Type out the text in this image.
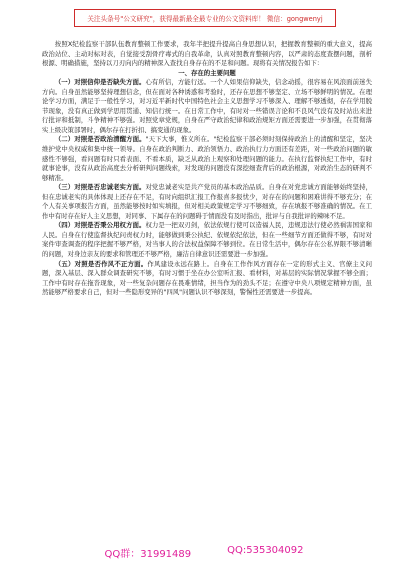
关注头条号"公文研究"，获得最新最全最专业的公文资料库！ 微信：gongwenyj

按照X纪检监察干部队伍教育整顿工作要求，我年半把提升提高自身思想认识，把握教育整顿的重大意义，提高政治站位、主动对标对表，自觉接受刮骨疗毒式的自我革命，认真对照教育整顿内容，以严肃的态度查摆问题，剖析根源、明确措施，坚持以刀刃向内的精神深入查找自身存在的不足和问题。现将有关情况报告如下：

一、存在的主要问题

（一）对照信仰是否缺失方面。心有所信，方能行远。一个人如果信仰缺失，信念动摇，很容易在风浪面前迷失方向。自身虽然能够坚持理想信念，但在面对各种诱惑和考验时，还存在思想不够坚定、立场不够鲜明的情况。在理论学习方面，满足于一般性学习，对习近平新时代中国特色社会主义思想学习不够深入、理解不够透彻，存在学用脱节现象，没有真正做到学思用贯通、知信行统一。在日常工作中，有时对一些错误言论和不良风气没有及时站出来进行批评和抵制，斗争精神不够强。对照党章党规，自身在严守政治纪律和政治规矩方面还需要进一步加强，在贯彻落实上级决策部署时，偶尔存在打折扣、搞变通的现象。

（二）对照是否政治清醒方面。"天下大事，惟义所在。"纪检监察干部必须时刻保持政治上的清醒和坚定，坚决维护党中央权威和集中统一领导。自身在政治判断力、政治领悟力、政治执行力方面还有差距，对一些政治问题的敏感性不够强，看问题有时只看表面、不看本质，缺乏从政治上观察和处理问题的能力。在执行监督执纪工作中，有时就事论事，没有从政治高度去分析研判问题线索，对发现的问题没有深挖细查背后的政治根源，对政治生态的研判不够精准。

（三）对照是否忠诚老实方面。对党忠诚老实是共产党员的基本政治品质。自身在对党忠诚方面能够始终坚持，但在忠诚老实的具体体现上还存在不足，有时向组织汇报工作报喜多报忧少，对存在的问题和困难讲得不够充分；在个人有关事项报告方面，虽然能够按时如实填报，但对相关政策规定学习不够细致，存在填报不够准确的情况。在工作中有时存在好人主义思想，对同事、下属存在的问题碍于情面没有及时指出，批评与自我批评的辣味不足。

（四）对照是否秉公用权方面。权力是一把双刃剑，依法依规行使可以造福人民，违规违法行使必然祸害国家和人民。自身在行使监督执纪问责权力时，能够做到秉公执纪、依规依纪依法，但在一些细节方面还做得不够，有时对案件审查调查的程序把握不够严格，对当事人的合法权益保障不够到位。在日常生活中，偶尔存在公私界限不够清晰的问题，对身边亲友的要求和管理还不够严格，廉洁自律意识还需要进一步加强。

（五）对照是否作风不正方面。作风建设永远在路上。自身在工作作风方面存在一定的形式主义、官僚主义问题，深入基层、深入群众调查研究不够，有时习惯于坐在办公室听汇报、看材料，对基层的实际情况掌握不够全面；工作中有时存在拖沓现象，对一些复杂问题存在畏难情绪，担当作为的劲头不足；在遵守中央八项规定精神方面，虽然能够严格要求自己，但对一些隐形变异的"四风"问题认识不够深刻，警惕性还需要进一步提高。

QQ群：31991489	QQ:535304092
